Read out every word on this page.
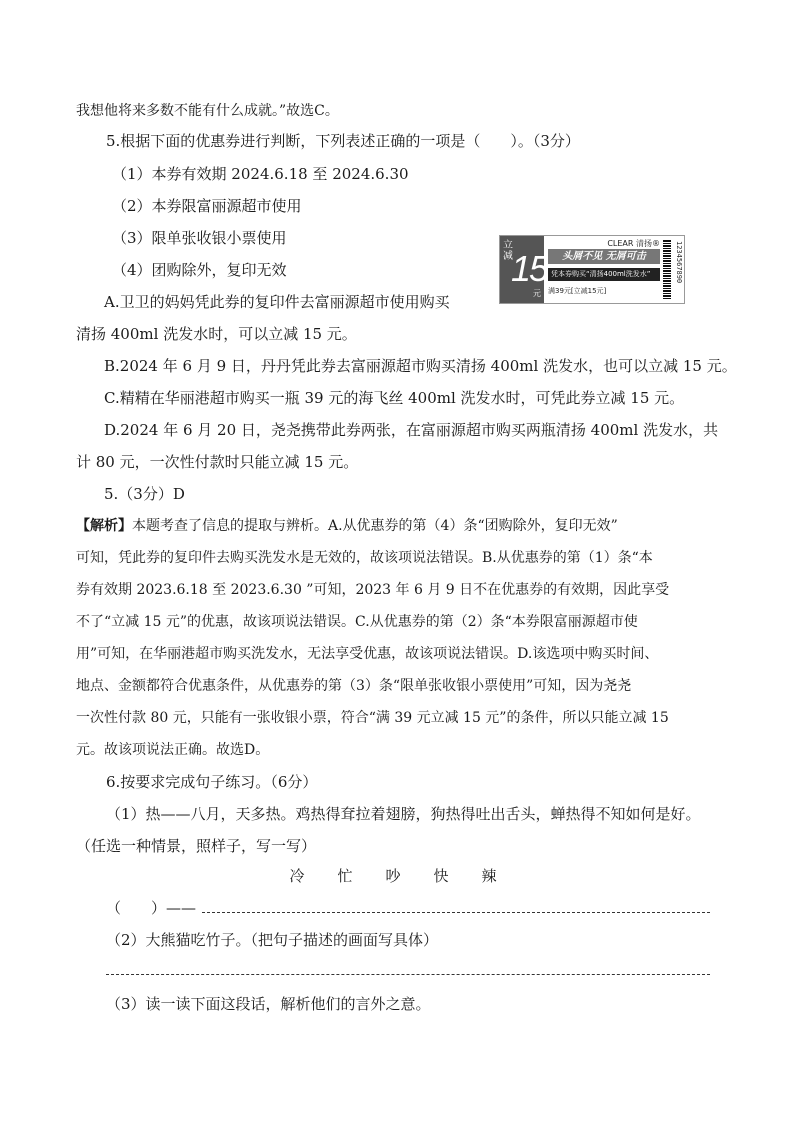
我想他将来多数不能有什么成就。”故选C。
5.根据下面的优惠券进行判断，下列表述正确的一项是（　　）。（3分）
（1）本券有效期 2024.6.18 至 2024.6.30
（2）本券限富丽源超市使用
（3）限单张收银小票使用
（4）团购除外，复印无效
立减
15
元
CLEAR 清扬®
头屑不见 无屑可击
凭本券购买“清扬400ml洗发水”
满39元[立减15元]
1234567890
A.卫卫的妈妈凭此券的复印件去富丽源超市使用购买
清扬 400ml 洗发水时，可以立减 15 元。
B.2024 年 6 月 9 日，丹丹凭此券去富丽源超市购买清扬 400ml 洗发水，也可以立减 15 元。
C.精精在华丽港超市购买一瓶 39 元的海飞丝 400ml 洗发水时，可凭此券立减 15 元。
D.2024 年 6 月 20 日，尧尧携带此券两张，在富丽源超市购买两瓶清扬 400ml 洗发水，共
计 80 元，一次性付款时只能立减 15 元。
5.（3分）D
【解析】本题考查了信息的提取与辨析。A.从优惠券的第（4）条“团购除外，复印无效”
可知，凭此券的复印件去购买洗发水是无效的，故该项说法错误。B.从优惠券的第（1）条“本
券有效期 2023.6.18 至 2023.6.30 ”可知，2023 年 6 月 9 日不在优惠券的有效期，因此享受
不了“立减 15 元”的优惠，故该项说法错误。C.从优惠券的第（2）条“本券限富丽源超市使
用”可知，在华丽港超市购买洗发水，无法享受优惠，故该项说法错误。D.该选项中购买时间、
地点、金额都符合优惠条件，从优惠券的第（3）条“限单张收银小票使用”可知，因为尧尧
一次性付款 80 元，只能有一张收银小票，符合“满 39 元立减 15 元”的条件，所以只能立减 15
元。故该项说法正确。故选D。
6.按要求完成句子练习。（6分）
（1）热——八月，天多热。鸡热得耷拉着翅膀，狗热得吐出舌头，蝉热得不知如何是好。
（任选一种情景，照样子，写一写）
冷 忙 吵 快 辣
（　　）——
（2）大熊猫吃竹子。（把句子描述的画面写具体）
（3）读一读下面这段话，解析他们的言外之意。
